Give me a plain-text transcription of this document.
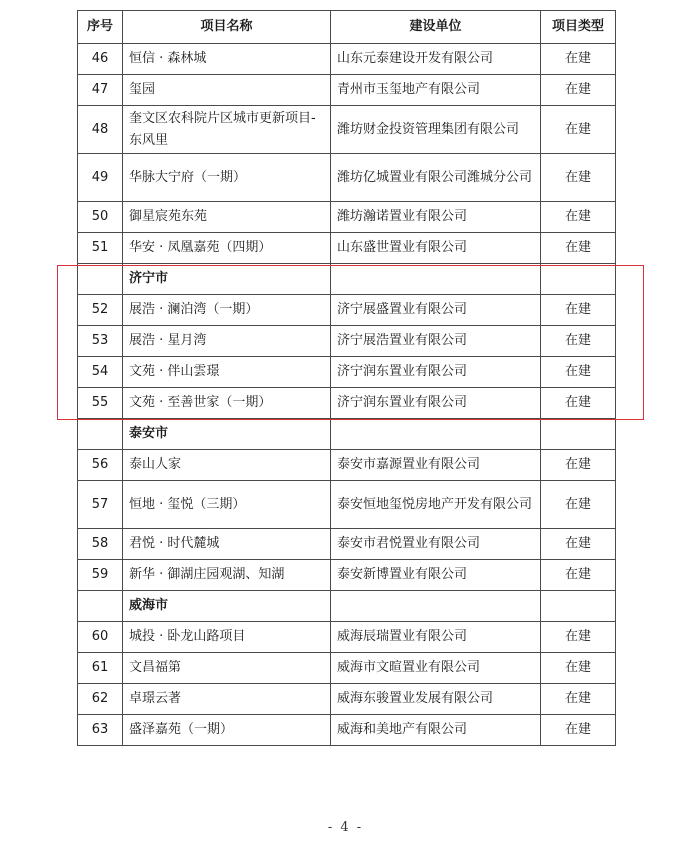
序号	项目名称	建设单位	项目类型
46	恒信 · 森林城	山东元泰建设开发有限公司	在建
47	玺园	青州市玉玺地产有限公司	在建
48	奎文区农科院片区城市更新项目-东风里	潍坊财金投资管理集团有限公司	在建
49	华脉大宁府（一期）	潍坊亿城置业有限公司潍城分公司	在建
50	御星宸苑东苑	潍坊瀚诺置业有限公司	在建
51	华安 · 凤凰嘉苑（四期）	山东盛世置业有限公司	在建
	济宁市		
52	展浩 · 澜泊湾（一期）	济宁展盛置业有限公司	在建
53	展浩 · 星月湾	济宁展浩置业有限公司	在建
54	文苑 · 伴山雲璟	济宁润东置业有限公司	在建
55	文苑 · 至善世家（一期）	济宁润东置业有限公司	在建
	泰安市		
56	泰山人家	泰安市嘉源置业有限公司	在建
57	恒地 · 玺悦（三期）	泰安恒地玺悦房地产开发有限公司	在建
58	君悦 · 时代麓城	泰安市君悦置业有限公司	在建
59	新华 · 御湖庄园观湖、知湖	泰安新博置业有限公司	在建
	威海市		
60	城投 · 卧龙山路项目	威海辰瑞置业有限公司	在建
61	文昌福第	威海市文暄置业有限公司	在建
62	卓璟云著	威海东骏置业发展有限公司	在建
63	盛泽嘉苑（一期）	威海和美地产有限公司	在建
- 4 -
